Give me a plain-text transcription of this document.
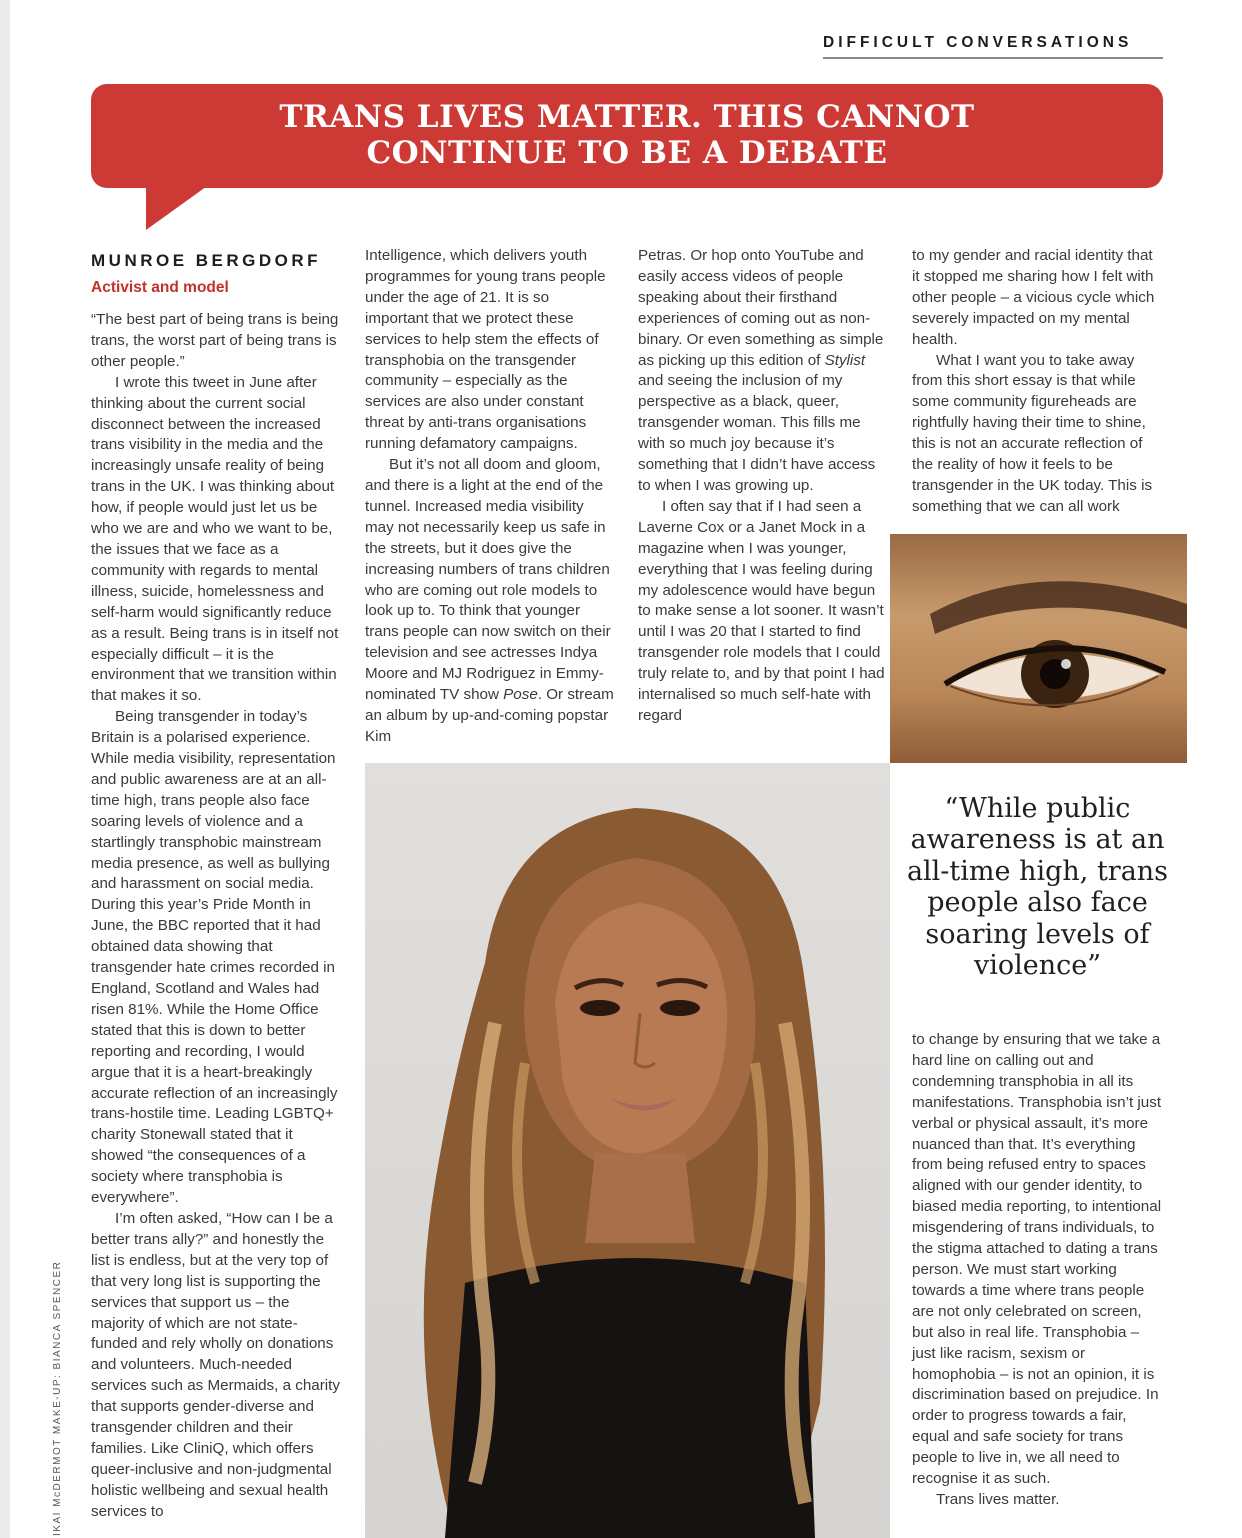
DIFFICULT CONVERSATIONS
TRANS LIVES MATTER. THIS CANNOT
CONTINUE TO BE A DEBATE
MUNROE BERGDORF
Activist and model

“The best part of being trans is being trans, the worst part of being trans is other people.”

I wrote this tweet in June after thinking about the current social disconnect between the increased trans visibility in the media and the increasingly unsafe reality of being trans in the UK. I was thinking about how, if people would just let us be who we are and who we want to be, the issues that we face as a community with regards to mental illness, suicide, homelessness and self-harm would significantly reduce as a result. Being trans is in itself not especially difficult – it is the environment that we transition within that makes it so.

Being transgender in today’s Britain is a polarised experience. While media visibility, representation and public awareness are at an all-time high, trans people also face soaring levels of violence and a startlingly transphobic mainstream media presence, as well as bullying and harassment on social media. During this year’s Pride Month in June, the BBC reported that it had obtained data showing that transgender hate crimes recorded in England, Scotland and Wales had risen 81%. While the Home Office stated that this is down to better reporting and recording, I would argue that it is a heart-breakingly accurate reflection of an increasingly trans-hostile time. Leading LGBTQ+ charity Stonewall stated that it showed “the consequences of a society where transphobia is everywhere”.

I’m often asked, “How can I be a better trans ally?” and honestly the list is endless, but at the very top of that very long list is supporting the services that support us – the majority of which are not state-funded and rely wholly on donations and volunteers. Much-needed services such as Mermaids, a charity that supports gender-diverse and transgender children and their families. Like CliniQ, which offers queer-inclusive and non-judgmental holistic wellbeing and sexual health services to

Intelligence, which delivers youth programmes for young trans people under the age of 21. It is so important that we protect these services to help stem the effects of transphobia on the transgender community – especially as the services are also under constant threat by anti-trans organisations running defamatory campaigns.

But it’s not all doom and gloom, and there is a light at the end of the tunnel. Increased media visibility may not necessarily keep us safe in the streets, but it does give the increasing numbers of trans children who are coming out role models to look up to. To think that younger trans people can now switch on their television and see actresses Indya Moore and MJ Rodriguez in Emmy-nominated TV show Pose. Or stream an album by up-and-coming popstar Kim

Petras. Or hop onto YouTube and easily access videos of people speaking about their firsthand experiences of coming out as non-binary. Or even something as simple as picking up this edition of Stylist and seeing the inclusion of my perspective as a black, queer, transgender woman. This fills me with so much joy because it’s something that I didn’t have access to when I was growing up.

I often say that if I had seen a Laverne Cox or a Janet Mock in a magazine when I was younger, everything that I was feeling during my adolescence would have begun to make sense a lot sooner. It wasn’t until I was 20 that I started to find transgender role models that I could truly relate to, and by that point I had internalised so much self-hate with regard

to my gender and racial identity that it stopped me sharing how I felt with other people – a vicious cycle which severely impacted on my mental health.

What I want you to take away from this short essay is that while some community figureheads are rightfully having their time to shine, this is not an accurate reflection of the reality of how it feels to be transgender in the UK today. This is something that we can all work

“While public awareness is at an all-time high, trans people also face soaring levels of violence”

to change by ensuring that we take a hard line on calling out and condemning transphobia in all its manifestations. Transphobia isn’t just verbal or physical assault, it’s more nuanced than that. It’s everything from being refused entry to spaces aligned with our gender identity, to biased media reporting, to intentional misgendering of trans individuals, to the stigma attached to dating a trans person. We must start working towards a time where trans people are not only celebrated on screen, but also in real life. Transphobia – just like racism, sexism or homophobia – is not an opinion, it is discrimination based on prejudice. In order to progress towards a fair, equal and safe society for trans people to live in, we all need to recognise it as such.

Trans lives matter.

IKAI McDERMOT MAKE-UP: BIANCA SPENCER
